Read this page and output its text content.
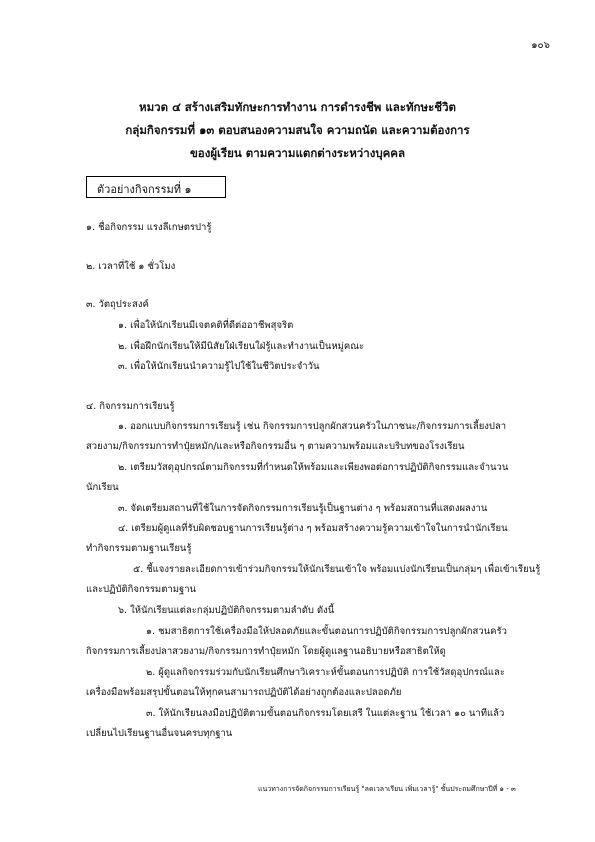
๑๐๖
หมวด ๔ สร้างเสริมทักษะการทำงาน การดำรงชีพ และทักษะชีวิต
กลุ่มกิจกรรมที่ ๑๓ ตอบสนองความสนใจ ความถนัด และความต้องการ
ของผู้เรียน ตามความแตกต่างระหว่างบุคคล
ตัวอย่างกิจกรรมที่ ๑
๑. ชื่อกิจกรรม แรงลีเกษตรปารู้
๒. เวลาที่ใช้ ๑ ชั่วโมง
๓. วัตถุประสงค์
๑. เพื่อให้นักเรียนมีเจตคติที่ดีต่ออาชีพสุจริต
๒. เพื่อฝึกนักเรียนให้มีนิสัยใฝ่เรียนใฝ่รู้และทำงานเป็นหมู่คณะ
๓. เพื่อให้นักเรียนนำความรู้ไปใช้ในชีวิตประจำวัน
๔. กิจกรรมการเรียนรู้
๑. ออกแบบกิจกรรมการเรียนรู้ เช่น กิจกรรมการปลูกผักสวนครัวในภาชนะ/กิจกรรมการเลี้ยงปลา
สวยงาม/กิจกรรมการทำปุ๋ยหมัก/และหรือกิจกรรมอื่น ๆ ตามความพร้อมและบริบทของโรงเรียน
๒. เตรียมวัสดุอุปกรณ์ตามกิจกรรมที่กำหนดให้พร้อมและเพียงพอต่อการปฏิบัติกิจกรรมและจำนวน
นักเรียน
๓. จัดเตรียมสถานที่ใช้ในการจัดกิจกรรมการเรียนรู้เป็นฐานต่าง ๆ พร้อมสถานที่แสดงผลงาน
๔. เตรียมผู้ดูแลที่รับผิดชอบฐานการเรียนรู้ต่าง ๆ พร้อมสร้างความรู้ความเข้าใจในการนำนักเรียน
ทำกิจกรรมตามฐานเรียนรู้
๕. ชี้แจงรายละเอียดการเข้าร่วมกิจกรรมให้นักเรียนเข้าใจ พร้อมแบ่งนักเรียนเป็นกลุ่มๆ เพื่อเข้าเรียนรู้
และปฏิบัติกิจกรรมตามฐาน
๖. ให้นักเรียนแต่ละกลุ่มปฏิบัติกิจกรรมตามลำดับ ดังนี้
๑. ชมสาธิตการใช้เครื่องมือให้ปลอดภัยและขั้นตอนการปฏิบัติกิจกรรมการปลูกผักสวนครัว
กิจกรรมการเลี้ยงปลาสวยงาม/กิจกรรมการทำปุ๋ยหมัก โดยผู้ดูแลฐานอธิบายหรือสาธิตให้ดู
๒. ผู้ดูแลกิจกรรมร่วมกับนักเรียนศึกษาวิเคราะห์ขั้นตอนการปฏิบัติ การใช้วัสดุอุปกรณ์และ
เครื่องมือพร้อมสรุปขั้นตอนให้ทุกคนสามารถปฏิบัติได้อย่างถูกต้องและปลอดภัย
๓. ให้นักเรียนลงมือปฏิบัติตามขั้นตอนกิจกรรมโดยเสรี ในแต่ละฐาน ใช้เวลา ๑๐ นาทีแล้ว
เปลี่ยนไปเรียนฐานอื่นจนครบทุกฐาน
แนวทางการจัดกิจกรรมการเรียนรู้ "ลดเวลาเรียน เพิ่มเวลารู้" ชั้นประถมศึกษาปีที่ ๑ - ๓
